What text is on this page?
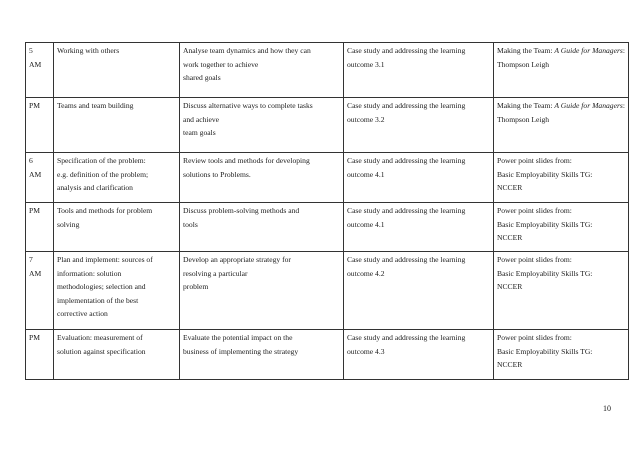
5
AM	Working with others	Analyse team dynamics and how they can
work together to achieve
shared goals	Case study and addressing the learning
outcome 3.1	Making the Team: A Guide for Managers: Thompson Leigh

PM	Teams and team building	Discuss alternative ways to complete tasks
and achieve
team goals	Case study and addressing the learning
outcome 3.2	Making the Team: A Guide for Managers: Thompson Leigh

6
AM	Specification of the problem:
e.g. definition of the problem;
analysis and clarification	Review tools and methods for developing
solutions to Problems.	Case study and addressing the learning
outcome 4.1	Power point slides from:
Basic Employability Skills TG:
NCCER

PM	Tools and methods for problem
solving	Discuss problem-solving methods and
tools	Case study and addressing the learning
outcome 4.1	Power point slides from:
Basic Employability Skills TG:
NCCER

7
AM	Plan and implement: sources of
information: solution
methodologies; selection and
implementation of the best
corrective action	Develop an appropriate strategy for
resolving a particular
problem	Case study and addressing the learning
outcome 4.2	Power point slides from:
Basic Employability Skills TG:
NCCER

PM	Evaluation: measurement of
solution against specification	Evaluate the potential impact on the
business of implementing the strategy	Case study and addressing the learning
outcome 4.3	Power point slides from:
Basic Employability Skills TG:
NCCER
10
